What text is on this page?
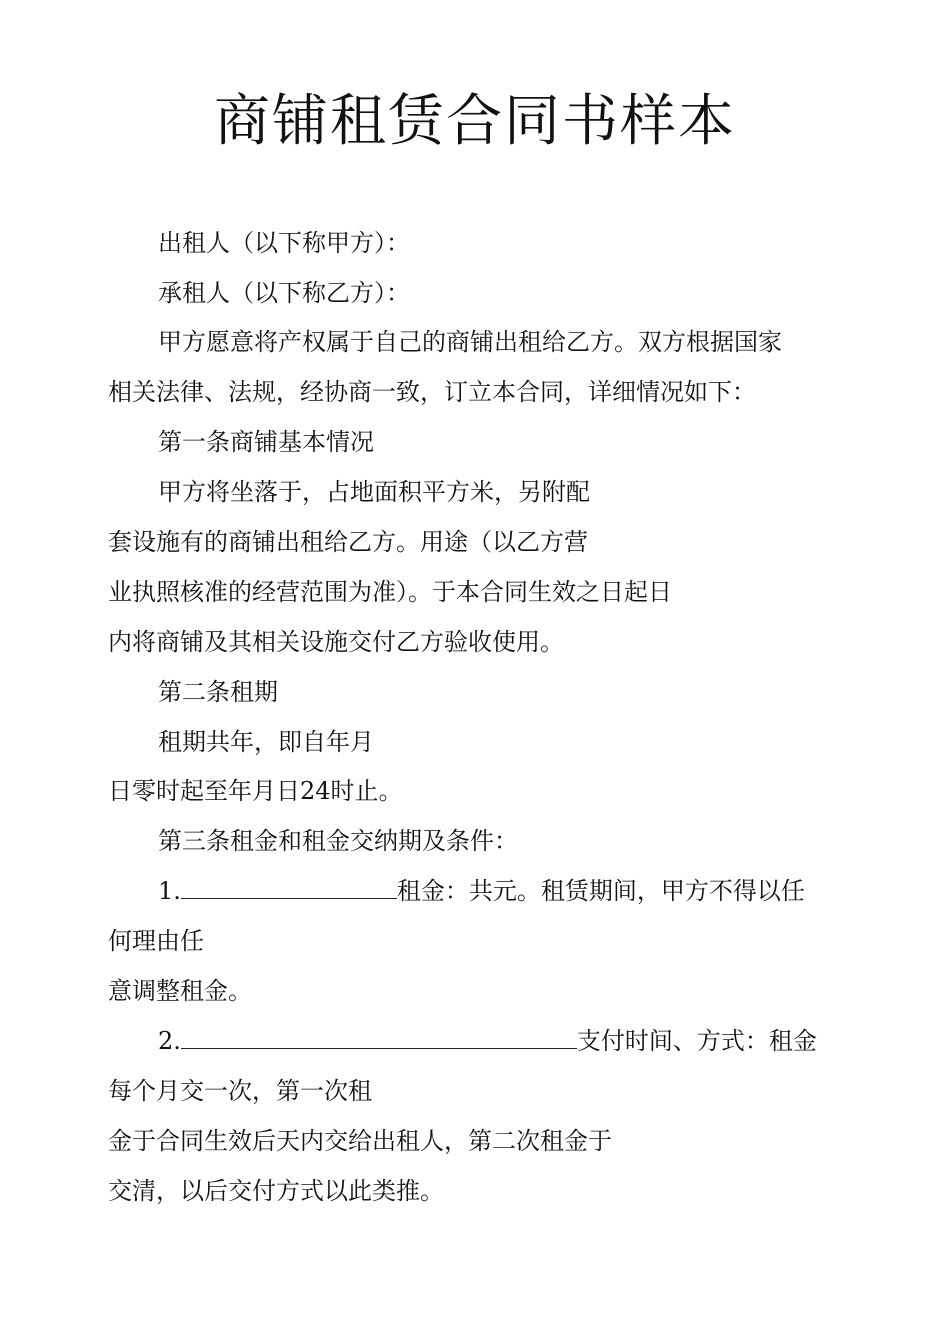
商铺租赁合同书样本
出租人（以下称甲方）：
承租人（以下称乙方）：
甲方愿意将产权属于自己的商铺出租给乙方。双方根据国家
相关法律、法规，经协商一致，订立本合同，详细情况如下：
第一条商铺基本情况
甲方将坐落于，占地面积平方米，另附配
套设施有的商铺出租给乙方。用途（以乙方营
业执照核准的经营范围为准）。于本合同生效之日起日
内将商铺及其相关设施交付乙方验收使用。
第二条租期
租期共年，即自年月
日零时起至年月日24时止。
第三条租金和租金交纳期及条件：
1.	租金：共元。租赁期间，甲方不得以任
何理由任
意调整租金。
2.	支付时间、方式：租金
每个月交一次，第一次租
金于合同生效后天内交给出租人，第二次租金于
交清，以后交付方式以此类推。
